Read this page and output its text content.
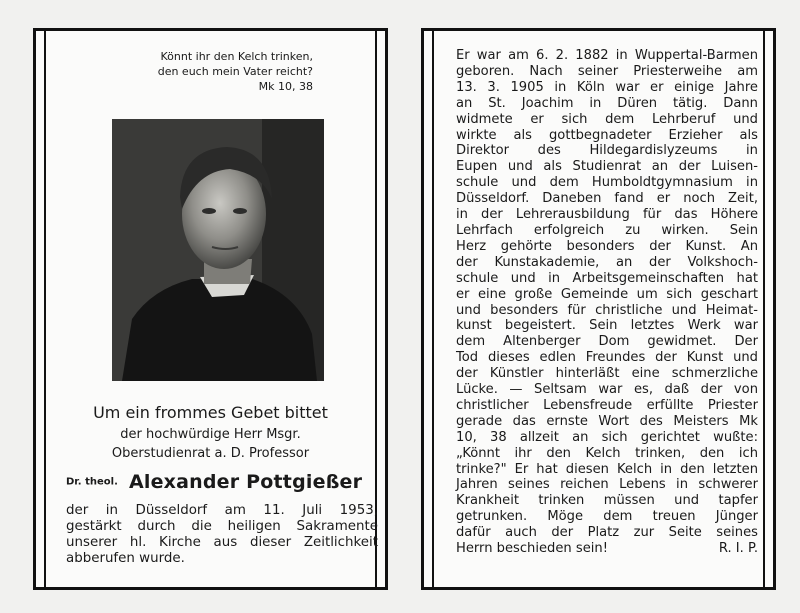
Könnt ihr den Kelch trinken,
den euch mein Vater reicht?
Mk 10, 38
Um ein frommes Gebet bittet
der hochwürdige Herr Msgr.
Oberstudienrat a. D. Professor
Dr. theol. Alexander Pottgießer
der in Düsseldorf am 11. Juli 1953,
gestärkt durch die heiligen Sakramente
unserer hl. Kirche aus dieser Zeitlichkeit
abberufen wurde.
Er war am 6. 2. 1882 in Wuppertal-Barmen
geboren. Nach seiner Priesterweihe am
13. 3. 1905 in Köln war er einige Jahre
an St. Joachim in Düren tätig. Dann
widmete er sich dem Lehrberuf und
wirkte als gottbegnadeter Erzieher als
Direktor des Hildegardislyzeums in
Eupen und als Studienrat an der Luisen-
schule und dem Humboldtgymnasium in
Düsseldorf. Daneben fand er noch Zeit,
in der Lehrerausbildung für das Höhere
Lehrfach erfolgreich zu wirken. Sein
Herz gehörte besonders der Kunst. An
der Kunstakademie, an der Volkshoch-
schule und in Arbeitsgemeinschaften hat
er eine große Gemeinde um sich geschart
und besonders für christliche und Heimat-
kunst begeistert. Sein letztes Werk war
dem Altenberger Dom gewidmet. Der
Tod dieses edlen Freundes der Kunst und
der Künstler hinterläßt eine schmerzliche
Lücke. — Seltsam war es, daß der von
christlicher Lebensfreude erfüllte Priester
gerade das ernste Wort des Meisters Mk
10, 38 allzeit an sich gerichtet wußte:
„Könnt ihr den Kelch trinken, den ich
trinke?" Er hat diesen Kelch in den letzten
Jahren seines reichen Lebens in schwerer
Krankheit trinken müssen und tapfer
getrunken. Möge dem treuen Jünger
dafür auch der Platz zur Seite seines
Herrn beschieden sein!	R. I. P.
